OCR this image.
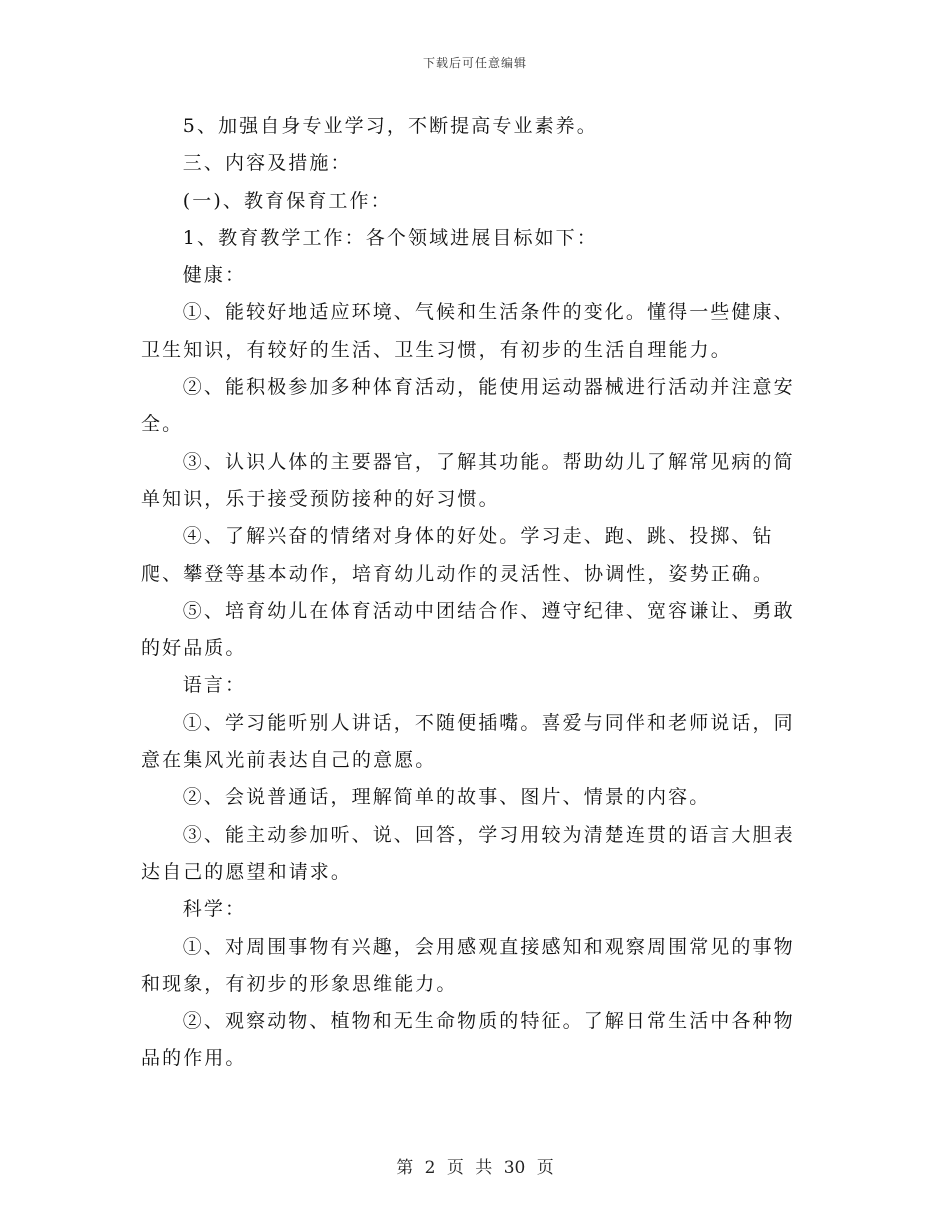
下载后可任意编辑

5、加强自身专业学习，不断提高专业素养。

三、内容及措施：

(一)、教育保育工作：

1、教育教学工作：各个领域进展目标如下：

健康：

①、能较好地适应环境、气候和生活条件的变化。懂得一些健康、卫生知识，有较好的生活、卫生习惯，有初步的生活自理能力。

②、能积极参加多种体育活动，能使用运动器械进行活动并注意安全。

③、认识人体的主要器官，了解其功能。帮助幼儿了解常见病的简单知识，乐于接受预防接种的好习惯。

④、了解兴奋的情绪对身体的好处。学习走、跑、跳、投掷、钻爬、攀登等基本动作，培育幼儿动作的灵活性、协调性，姿势正确。

⑤、培育幼儿在体育活动中团结合作、遵守纪律、宽容谦让、勇敢的好品质。

语言：

①、学习能听别人讲话，不随便插嘴。喜爱与同伴和老师说话，同意在集风光前表达自己的意愿。

②、会说普通话，理解简单的故事、图片、情景的内容。

③、能主动参加听、说、回答，学习用较为清楚连贯的语言大胆表达自己的愿望和请求。

科学：

①、对周围事物有兴趣，会用感观直接感知和观察周围常见的事物和现象，有初步的形象思维能力。

②、观察动物、植物和无生命物质的特征。了解日常生活中各种物品的作用。

第 2 页 共 30 页
